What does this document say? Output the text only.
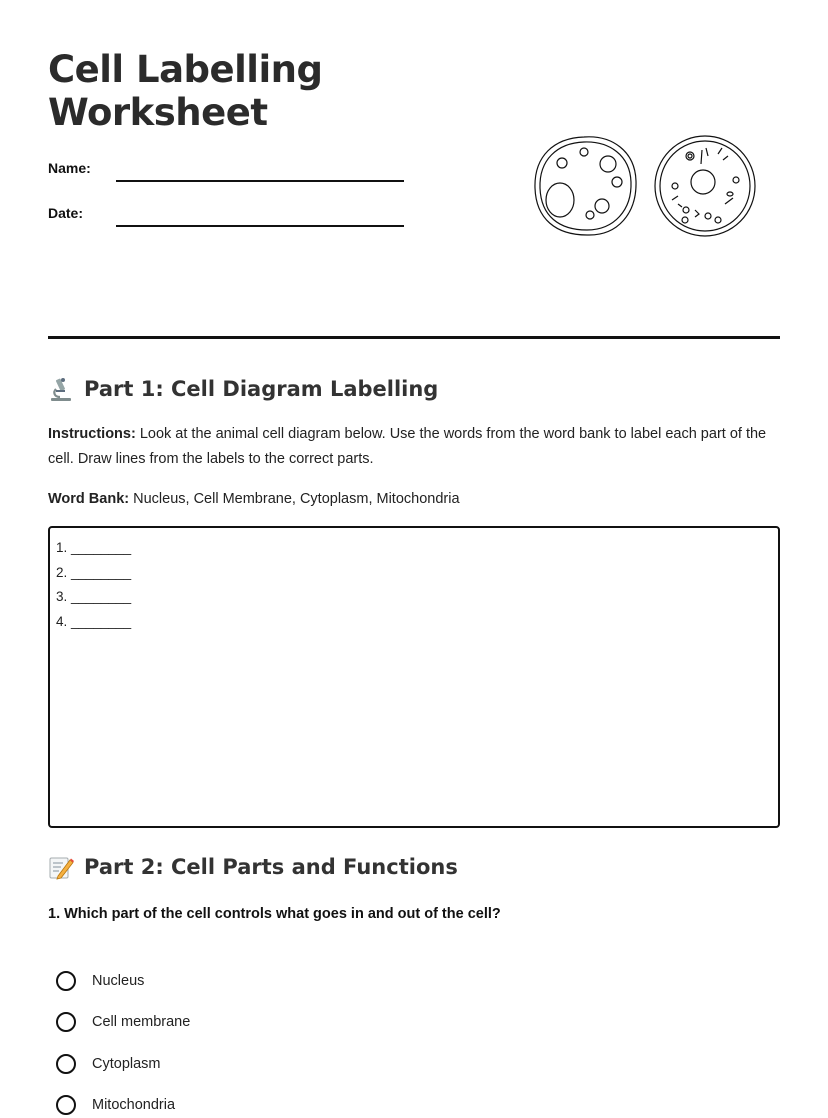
Cell Labelling
Worksheet
Name:
Date:
Part 1: Cell Diagram Labelling

Instructions: Look at the animal cell diagram below. Use the words from the word bank to label each part of the cell. Draw lines from the labels to the correct parts.

Word Bank: Nucleus, Cell Membrane, Cytoplasm, Mitochondria

1. ________
2. ________
3. ________
4. ________
Part 2: Cell Parts and Functions

1. Which part of the cell controls what goes in and out of the cell?

Nucleus
Cell membrane
Cytoplasm
Mitochondria
